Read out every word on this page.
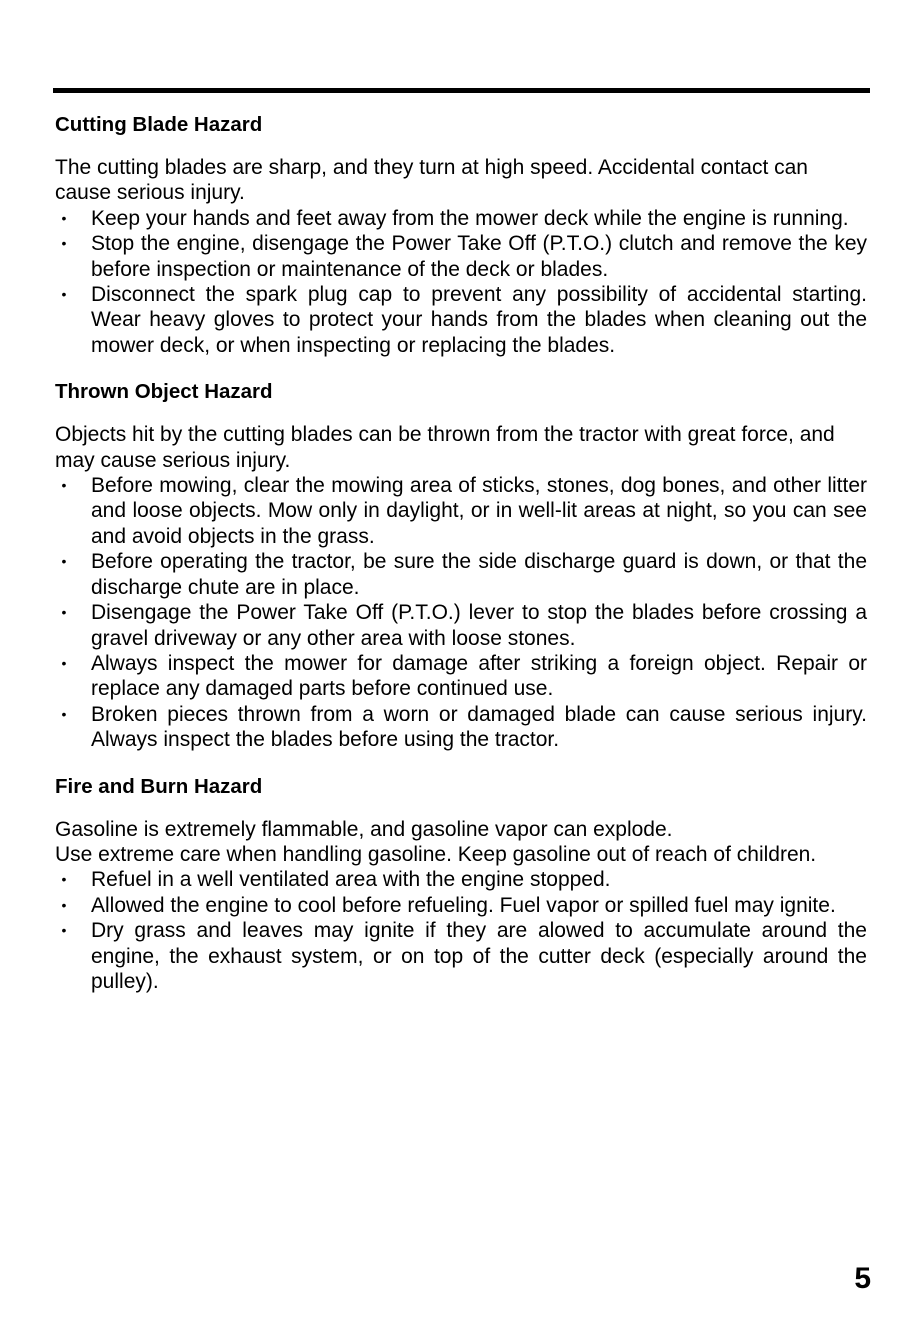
Cutting Blade Hazard

The cutting blades are sharp, and they turn at high speed. Accidental contact can cause serious injury.

• Keep your hands and feet away from the mower deck while the engine is running.
• Stop the engine, disengage the Power Take Off (P.T.O.) clutch and remove the key before inspection or maintenance of the deck or blades.
• Disconnect the spark plug cap to prevent any possibility of accidental starting. Wear heavy gloves to protect your hands from the blades when cleaning out the mower deck, or when inspecting or replacing the blades.
Thrown Object Hazard

Objects hit by the cutting blades can be thrown from the tractor with great force, and may cause serious injury.

• Before mowing, clear the mowing area of sticks, stones, dog bones, and other litter and loose objects. Mow only in daylight, or in well-lit areas at night, so you can see and avoid objects in the grass.
• Before operating the tractor, be sure the side discharge guard is down, or that the discharge chute are in place.
• Disengage the Power Take Off (P.T.O.) lever to stop the blades before crossing a gravel driveway or any other area with loose stones.
• Always inspect the mower for damage after striking a foreign object. Repair or replace any damaged parts before continued use.
• Broken pieces thrown from a worn or damaged blade can cause serious injury. Always inspect the blades before using the tractor.
Fire and Burn Hazard

Gasoline is extremely flammable, and gasoline vapor can explode.

Use extreme care when handling gasoline. Keep gasoline out of reach of children.

• Refuel in a well ventilated area with the engine stopped.
• Allowed the engine to cool before refueling. Fuel vapor or spilled fuel may ignite.
• Dry grass and leaves may ignite if they are alowed to accumulate around the engine, the exhaust system, or on top of the cutter deck (especially around the pulley).
5
